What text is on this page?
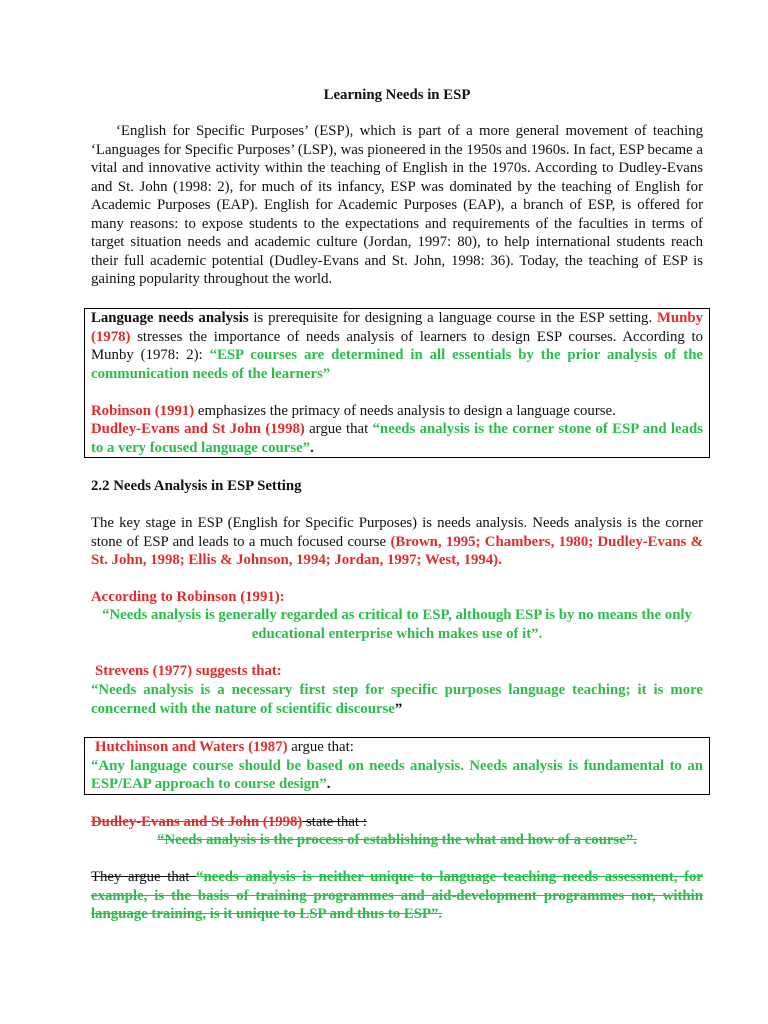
Learning Needs in ESP

‘English for Specific Purposes’ (ESP), which is part of a more general movement of teaching ‘Languages for Specific Purposes’ (LSP), was pioneered in the 1950s and 1960s. In fact, ESP became a vital and innovative activity within the teaching of English in the 1970s. According to Dudley-Evans and St. John (1998: 2), for much of its infancy, ESP was dominated by the teaching of English for Academic Purposes (EAP). English for Academic Purposes (EAP), a branch of ESP, is offered for many reasons: to expose students to the expectations and requirements of the faculties in terms of target situation needs and academic culture (Jordan, 1997: 80), to help international students reach their full academic potential (Dudley-Evans and St. John, 1998: 36). Today, the teaching of ESP is gaining popularity throughout the world.

Language needs analysis is prerequisite for designing a language course in the ESP setting. Munby (1978) stresses the importance of needs analysis of learners to design ESP courses. According to Munby (1978: 2): “ESP courses are determined in all essentials by the prior analysis of the communication needs of the learners”

Robinson (1991) emphasizes the primacy of needs analysis to design a language course.

Dudley-Evans and St John (1998) argue that “needs analysis is the corner stone of ESP and leads to a very focused language course”.

2.2 Needs Analysis in ESP Setting

The key stage in ESP (English for Specific Purposes) is needs analysis. Needs analysis is the corner stone of ESP and leads to a much focused course (Brown, 1995; Chambers, 1980; Dudley-Evans & St. John, 1998; Ellis & Johnson, 1994; Jordan, 1997; West, 1994).

According to Robinson (1991):

“Needs analysis is generally regarded as critical to ESP, although ESP is by no means the only educational enterprise which makes use of it”.

Strevens (1977) suggests that:

“Needs analysis is a necessary first step for specific purposes language teaching; it is more concerned with the nature of scientific discourse”

Hutchinson and Waters (1987) argue that:

“Any language course should be based on needs analysis. Needs analysis is fundamental to an ESP/EAP approach to course design”.

Dudley-Evans and St John (1998) state that :

“Needs analysis is the process of establishing the what and how of a course”.

They argue that “needs analysis is neither unique to language teaching needs assessment, for example, is the basis of training programmes and aid-development programmes nor, within language training, is it unique to LSP and thus to ESP”.
